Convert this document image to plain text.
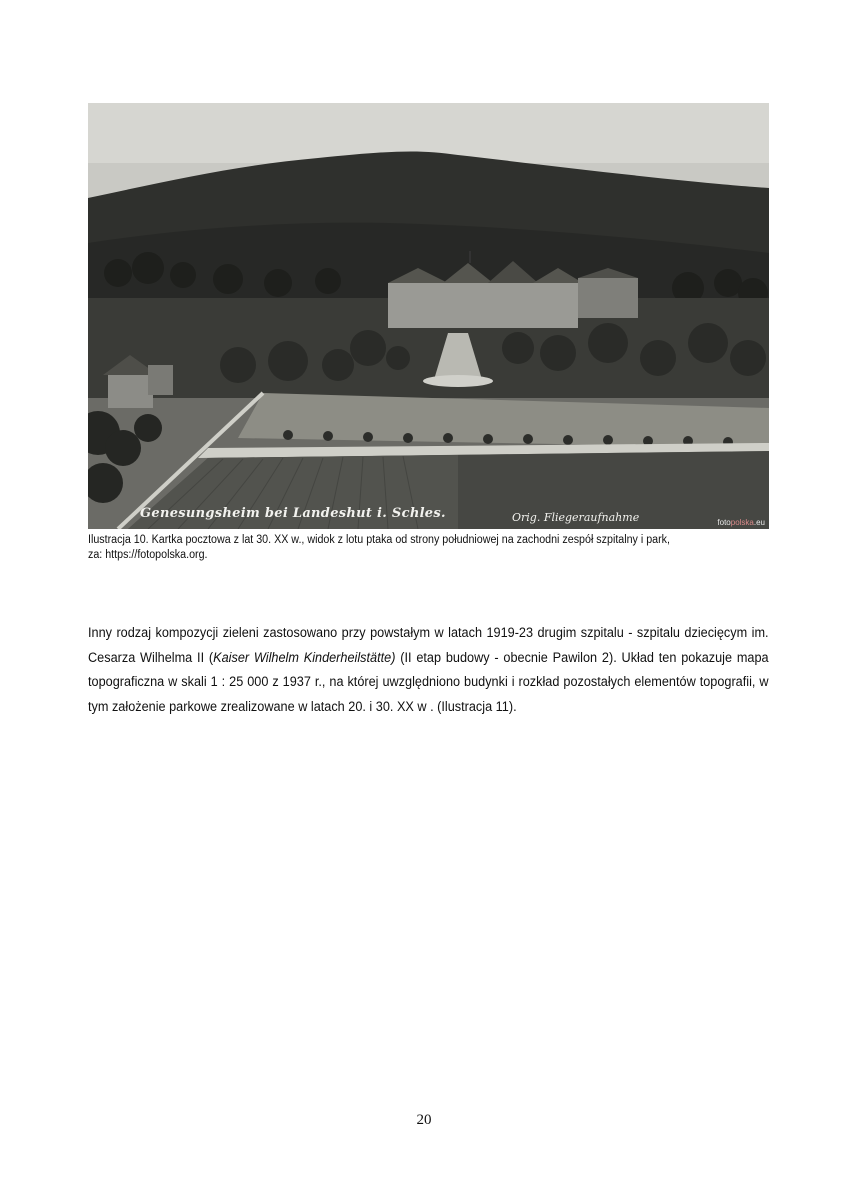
Genesungsheim bei Landeshut i. Schles.	Orig. Fliegeraufnahme	fotopolska.eu
Ilustracja 10. Kartka pocztowa z lat 30. XX w., widok z lotu ptaka od strony południowej na zachodni zespół szpitalny i park,
za: https://fotopolska.org.

Inny rodzaj kompozycji zieleni zastosowano przy powstałym w latach 1919-23 drugim szpitalu - szpitalu dziecięcym im. Cesarza Wilhelma II (Kaiser Wilhelm Kinderheilstätte) (II etap budowy - obecnie Pawilon 2). Układ ten pokazuje mapa topograficzna w skali 1 : 25 000 z 1937 r., na której uwzględniono budynki i rozkład pozostałych elementów topografii, w tym założenie parkowe zrealizowane w latach 20. i 30. XX w . (Ilustracja 11).

20
